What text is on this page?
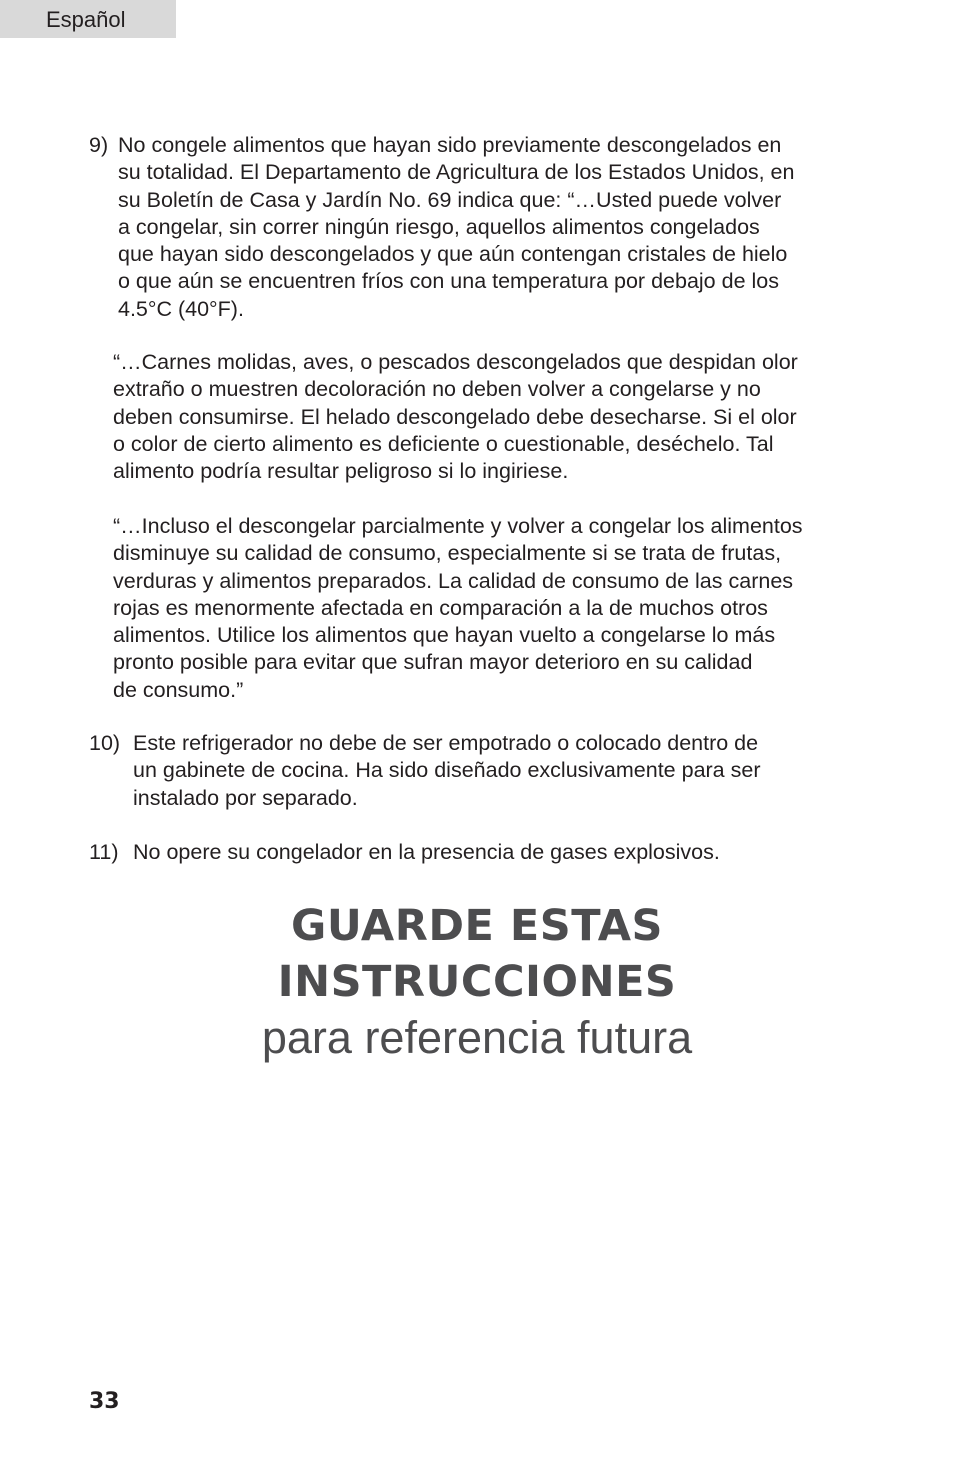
Español
9) No congele alimentos que hayan sido previamente descongelados en
su totalidad. El Departamento de Agricultura de los Estados Unidos, en
su Boletín de Casa y Jardín No. 69 indica que: “…Usted puede volver
a congelar, sin correr ningún riesgo, aquellos alimentos congelados
que hayan sido descongelados y que aún contengan cristales de hielo
o que aún se encuentren fríos con una temperatura por debajo de los
4.5°C (40°F).
“…Carnes molidas, aves, o pescados descongelados que despidan olor
extraño o muestren decoloración no deben volver a congelarse y no
deben consumirse. El helado descongelado debe desecharse. Si el olor
o color de cierto alimento es deficiente o cuestionable, deséchelo. Tal
alimento podría resultar peligroso si lo ingiriese.
“…Incluso el descongelar parcialmente y volver a congelar los alimentos
disminuye su calidad de consumo, especialmente si se trata de frutas,
verduras y alimentos preparados. La calidad de consumo de las carnes
rojas es menormente afectada en comparación a la de muchos otros
alimentos. Utilice los alimentos que hayan vuelto a congelarse lo más
pronto posible para evitar que sufran mayor deterioro en su calidad
de consumo.”
10) Este refrigerador no debe de ser empotrado o colocado dentro de
un gabinete de cocina. Ha sido diseñado exclusivamente para ser
instalado por separado.
11) No opere su congelador en la presencia de gases explosivos.
GUARDE ESTAS
INSTRUCCIONES
para referencia futura
33
